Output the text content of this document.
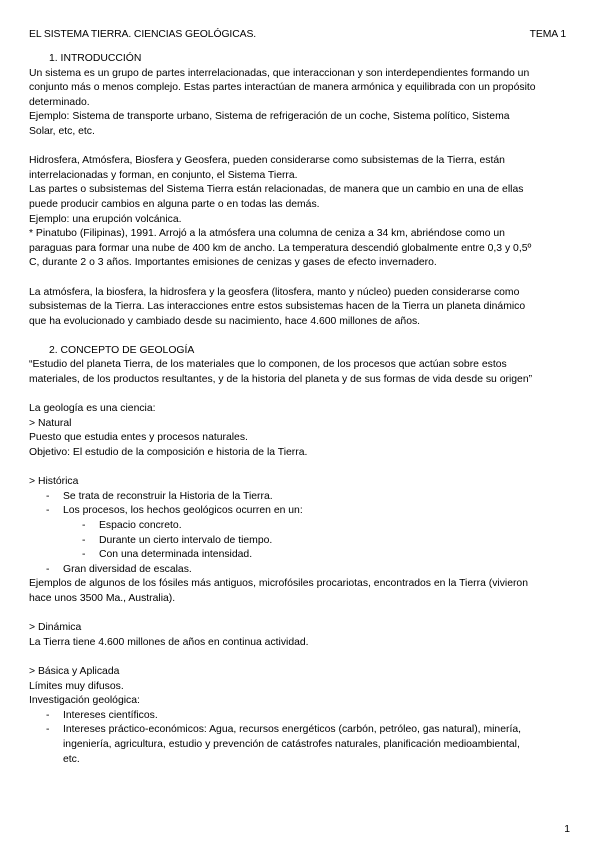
EL SISTEMA TIERRA. CIENCIAS GEOLÓGICAS.	TEMA 1
1. INTRODUCCIÓN

Un sistema es un grupo de partes interrelacionadas, que interaccionan y son interdependientes formando un

conjunto más o menos complejo. Estas partes interactúan de manera armónica y equilibrada con un propósito

determinado.

Ejemplo: Sistema de transporte urbano, Sistema de refrigeración de un coche, Sistema político, Sistema

Solar, etc, etc.

Hidrosfera, Atmósfera, Biosfera y Geosfera, pueden considerarse como subsistemas de la Tierra, están

interrelacionadas y forman, en conjunto, el Sistema Tierra.

Las partes o subsistemas del Sistema Tierra están relacionadas, de manera que un cambio en una de ellas

puede producir cambios en alguna parte o en todas las demás.

Ejemplo: una erupción volcánica.

* Pinatubo (Filipinas), 1991. Arrojó a la atmósfera una columna de ceniza a 34 km, abriéndose como un

paraguas para formar una nube de 400 km de ancho. La temperatura descendió globalmente entre 0,3 y 0,5º

C, durante 2 o 3 años. Importantes emisiones de cenizas y gases de efecto invernadero.

La atmósfera, la biosfera, la hidrosfera y la geosfera (litosfera, manto y núcleo) pueden considerarse como

subsistemas de la Tierra. Las interacciones entre estos subsistemas hacen de la Tierra un planeta dinámico

que ha evolucionado y cambiado desde su nacimiento, hace 4.600 millones de años.

2. CONCEPTO DE GEOLOGÍA

“Estudio del planeta Tierra, de los materiales que lo componen, de los procesos que actúan sobre estos

materiales, de los productos resultantes, y de la historia del planeta y de sus formas de vida desde su origen”

La geología es una ciencia:

> Natural

Puesto que estudia entes y procesos naturales.

Objetivo: El estudio de la composición e historia de la Tierra.

> Histórica

- Se trata de reconstruir la Historia de la Tierra.
- Los procesos, los hechos geológicos ocurren en un:
- Espacio concreto.
- Durante un cierto intervalo de tiempo.
- Con una determinada intensidad.
- Gran diversidad de escalas.

Ejemplos de algunos de los fósiles más antiguos, microfósiles procariotas, encontrados en la Tierra (vivieron

hace unos 3500 Ma., Australia).

> Dinámica

La Tierra tiene 4.600 millones de años en continua actividad.

> Básica y Aplicada

Límites muy difusos.

Investigación geológica:

- Intereses científicos.
- Intereses práctico-económicos: Agua, recursos energéticos (carbón, petróleo, gas natural), minería,
ingeniería, agricultura, estudio y prevención de catástrofes naturales, planificación medioambiental,
etc.
1
